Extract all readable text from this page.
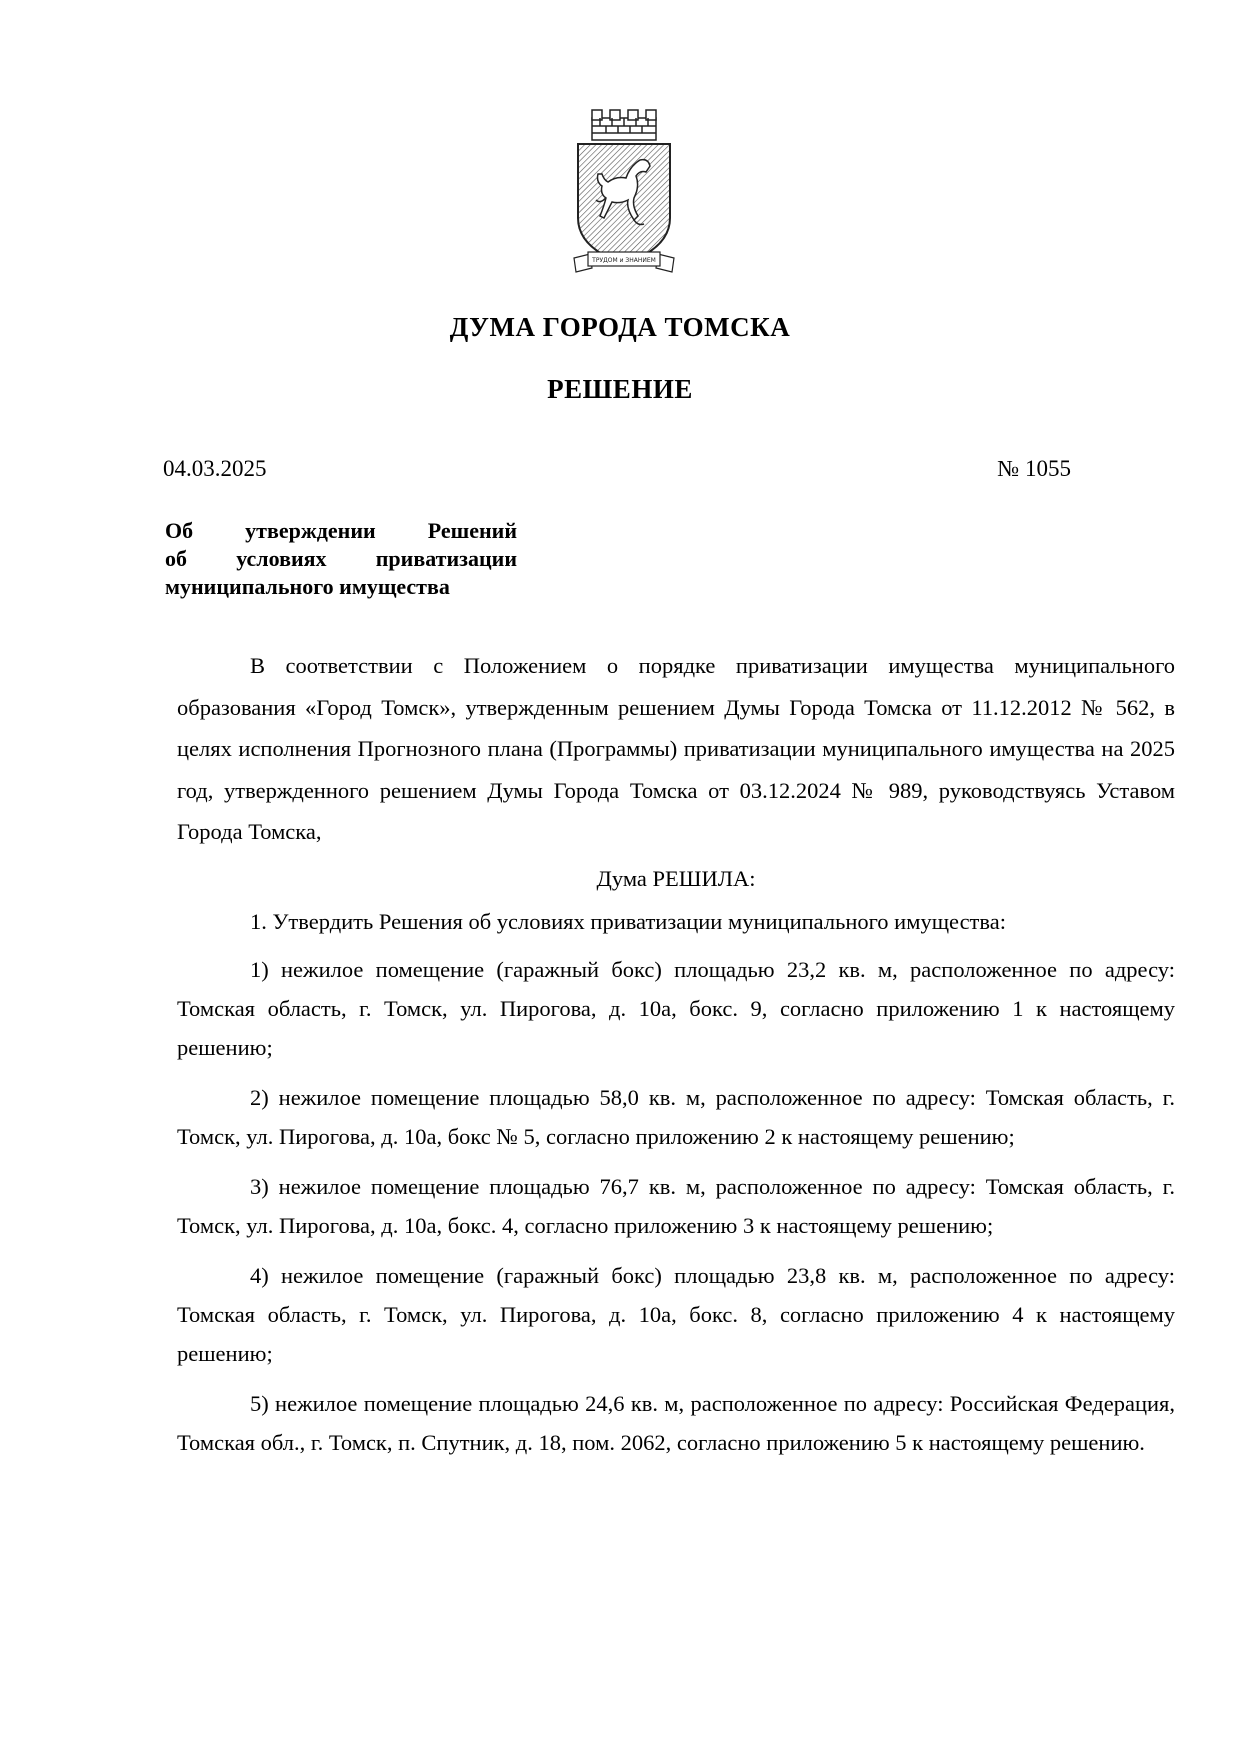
ТРУДОМ и ЗНАНИЕМ
ДУМА ГОРОДА ТОМСКА
РЕШЕНИЕ
04.03.2025	№ 1055
Об утверждении Решений
об условиях приватизации
муниципального имущества

В соответствии с Положением о порядке приватизации имущества муниципального образования «Город Томск», утвержденным решением Думы Города Томска от 11.12.2012 № 562, в целях исполнения Прогнозного плана (Программы) приватизации муниципального имущества на 2025 год, утвержденного решением Думы Города Томска от 03.12.2024 № 989, руководствуясь Уставом Города Томска,

Дума РЕШИЛА:

1. Утвердить Решения об условиях приватизации муниципального имущества:

1) нежилое помещение (гаражный бокс) площадью 23,2 кв. м, расположенное по адресу: Томская область, г. Томск, ул. Пирогова, д. 10а, бокс. 9, согласно приложению 1 к настоящему решению;

2) нежилое помещение площадью 58,0 кв. м, расположенное по адресу: Томская область, г. Томск, ул. Пирогова, д. 10а, бокс № 5, согласно приложению 2 к настоящему решению;

3) нежилое помещение площадью 76,7 кв. м, расположенное по адресу: Томская область, г. Томск, ул. Пирогова, д. 10а, бокс. 4, согласно приложению 3 к настоящему решению;

4) нежилое помещение (гаражный бокс) площадью 23,8 кв. м, расположенное по адресу: Томская область, г. Томск, ул. Пирогова, д. 10а, бокс. 8, согласно приложению 4 к настоящему решению;

5) нежилое помещение площадью 24,6 кв. м, расположенное по адресу: Российская Федерация, Томская обл., г. Томск, п. Спутник, д. 18, пом. 2062, согласно приложению 5 к настоящему решению.
